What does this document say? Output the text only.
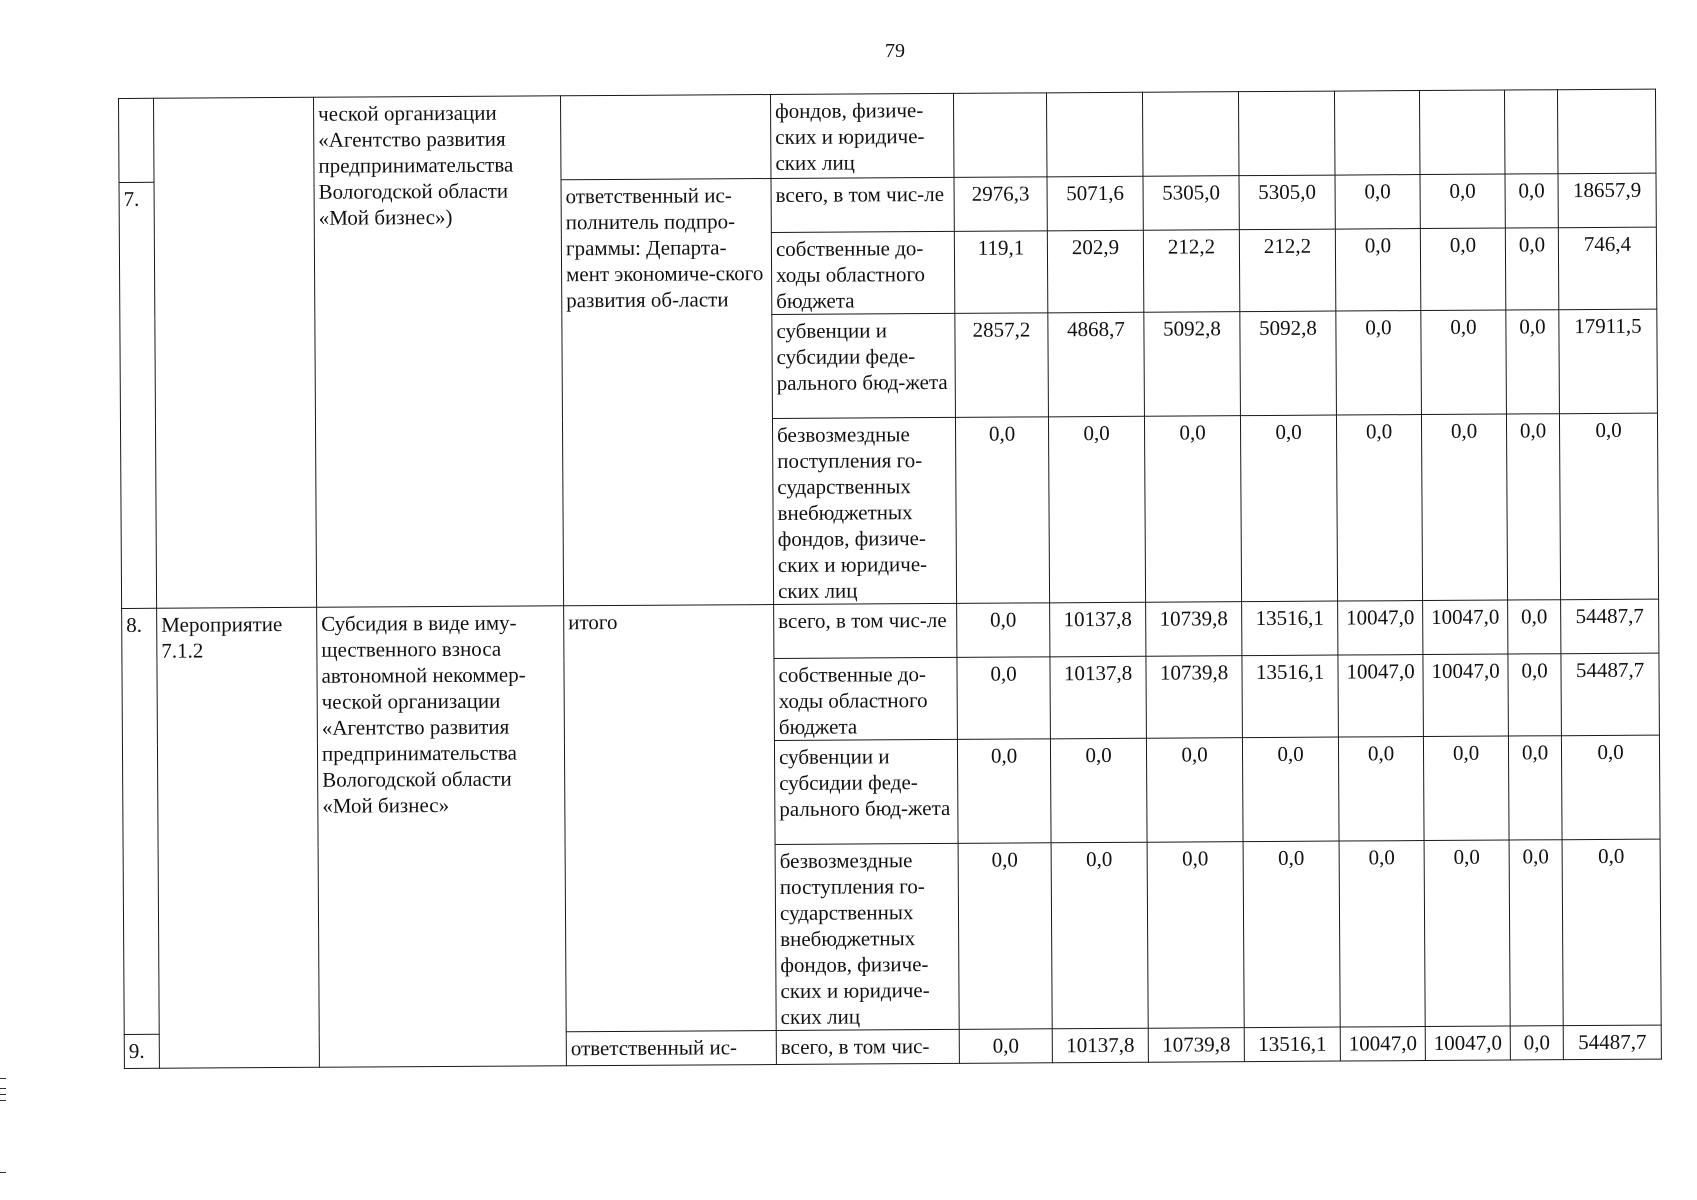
79
		ческой организации «Агентство развития предпринимательства Вологодской области «Мой бизнес»)		фондов, физиче-ских и юридиче-ских лиц								
7.			ответственный ис-полнитель подпро-граммы: Департа-мент экономиче-ского развития об-ласти	всего, в том чис-ле	2976,3	5071,6	5305,0	5305,0	0,0	0,0	0,0	18657,9
				собственные до-ходы областного бюджета	119,1	202,9	212,2	212,2	0,0	0,0	0,0	746,4
				субвенции и субсидии феде-рального бюд-жета	2857,2	4868,7	5092,8	5092,8	0,0	0,0	0,0	17911,5
				безвозмездные поступления го-сударственных внебюджетных фондов, физиче-ских и юридиче-ских лиц	0,0	0,0	0,0	0,0	0,0	0,0	0,0	0,0
8.	Мероприятие 7.1.2	Субсидия в виде иму-щественного взноса автономной некоммер-ческой организации «Агентство развития предпринимательства Вологодской области «Мой бизнес»	итого	всего, в том чис-ле	0,0	10137,8	10739,8	13516,1	10047,0	10047,0	0,0	54487,7
				собственные до-ходы областного бюджета	0,0	10137,8	10739,8	13516,1	10047,0	10047,0	0,0	54487,7
				субвенции и субсидии феде-рального бюд-жета	0,0	0,0	0,0	0,0	0,0	0,0	0,0	0,0
				безвозмездные поступления го-сударственных внебюджетных фондов, физиче-ских и юридиче-ских лиц	0,0	0,0	0,0	0,0	0,0	0,0	0,0	0,0
9.			ответственный ис-	всего, в том чис-	0,0	10137,8	10739,8	13516,1	10047,0	10047,0	0,0	54487,7
